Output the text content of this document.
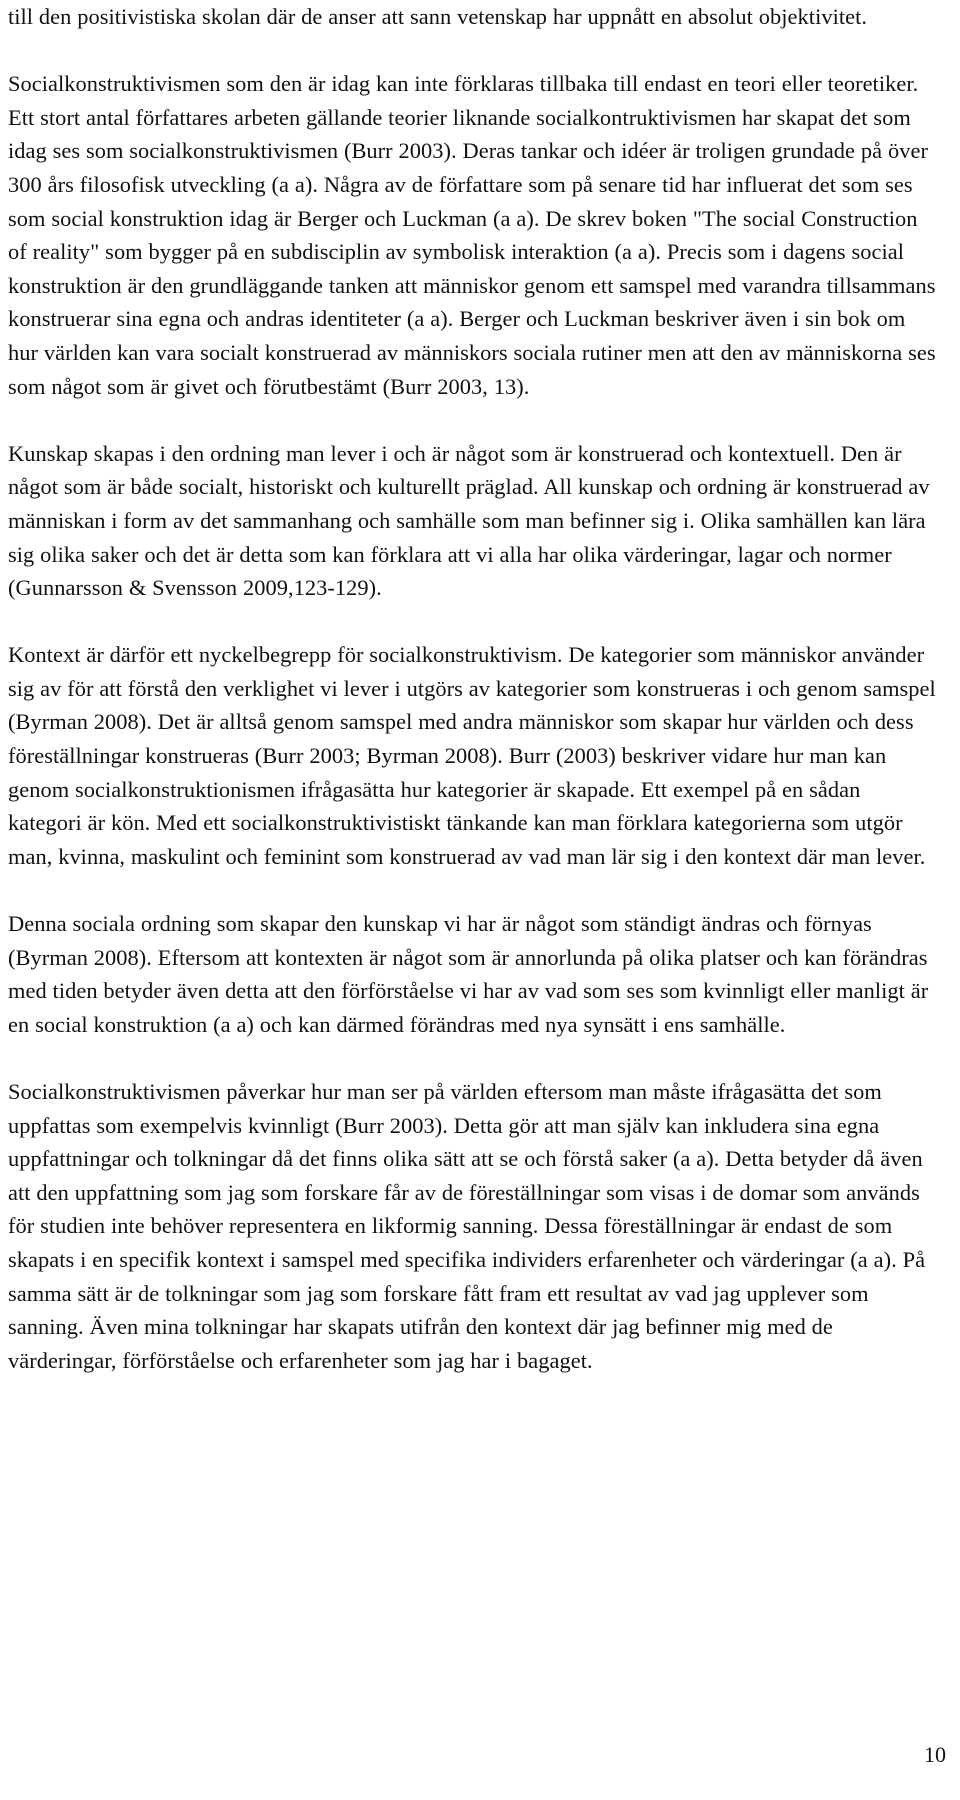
till den positivistiska skolan där de anser att sann vetenskap har uppnått en absolut objektivitet.

Socialkonstruktivismen som den är idag kan inte förklaras tillbaka till endast en teori eller teoretiker. Ett stort antal författares arbeten gällande teorier liknande socialkontruktivismen har skapat det som idag ses som socialkonstruktivismen (Burr 2003). Deras tankar och idéer är troligen grundade på över 300 års filosofisk utveckling (a a). Några av de författare som på senare tid har influerat det som ses som social konstruktion idag är Berger och Luckman (a a). De skrev boken "The social Construction of reality" som bygger på en subdisciplin av symbolisk interaktion (a a). Precis som i dagens social konstruktion är den grundläggande tanken att människor genom ett samspel med varandra tillsammans konstruerar sina egna och andras identiteter (a a). Berger och Luckman beskriver även i sin bok om hur världen kan vara socialt konstruerad av människors sociala rutiner men att den av människorna ses som något som är givet och förutbestämt (Burr 2003, 13).

Kunskap skapas i den ordning man lever i och är något som är konstruerad och kontextuell. Den är något som är både socialt, historiskt och kulturellt präglad. All kunskap och ordning är konstruerad av människan i form av det sammanhang och samhälle som man befinner sig i. Olika samhällen kan lära sig olika saker och det är detta som kan förklara att vi alla har olika värderingar, lagar och normer (Gunnarsson & Svensson 2009,123-129).

Kontext är därför ett nyckelbegrepp för socialkonstruktivism. De kategorier som människor använder sig av för att förstå den verklighet vi lever i utgörs av kategorier som konstrueras i och genom samspel (Byrman 2008). Det är alltså genom samspel med andra människor som skapar hur världen och dess föreställningar konstrueras (Burr 2003; Byrman 2008). Burr (2003) beskriver vidare hur man kan genom socialkonstruktionismen ifrågasätta hur kategorier är skapade. Ett exempel på en sådan kategori är kön. Med ett socialkonstruktivistiskt tänkande kan man förklara kategorierna som utgör man, kvinna, maskulint och feminint som konstruerad av vad man lär sig i den kontext där man lever.

Denna sociala ordning som skapar den kunskap vi har är något som ständigt ändras och förnyas (Byrman 2008). Eftersom att kontexten är något som är annorlunda på olika platser och kan förändras med tiden betyder även detta att den förförståelse vi har av vad som ses som kvinnligt eller manligt är en social konstruktion (a a) och kan därmed förändras med nya synsätt i ens samhälle.

Socialkonstruktivismen påverkar hur man ser på världen eftersom man måste ifrågasätta det som uppfattas som exempelvis kvinnligt (Burr 2003). Detta gör att man själv kan inkludera sina egna uppfattningar och tolkningar då det finns olika sätt att se och förstå saker (a a). Detta betyder då även att den uppfattning som jag som forskare får av de föreställningar som visas i de domar som används för studien inte behöver representera en likformig sanning. Dessa föreställningar är endast de som skapats i en specifik kontext i samspel med specifika individers erfarenheter och värderingar (a a). På samma sätt är de tolkningar som jag som forskare fått fram ett resultat av vad jag upplever som sanning. Även mina tolkningar har skapats utifrån den kontext där jag befinner mig med de värderingar, förförståelse och erfarenheter som jag har i bagaget.

10
